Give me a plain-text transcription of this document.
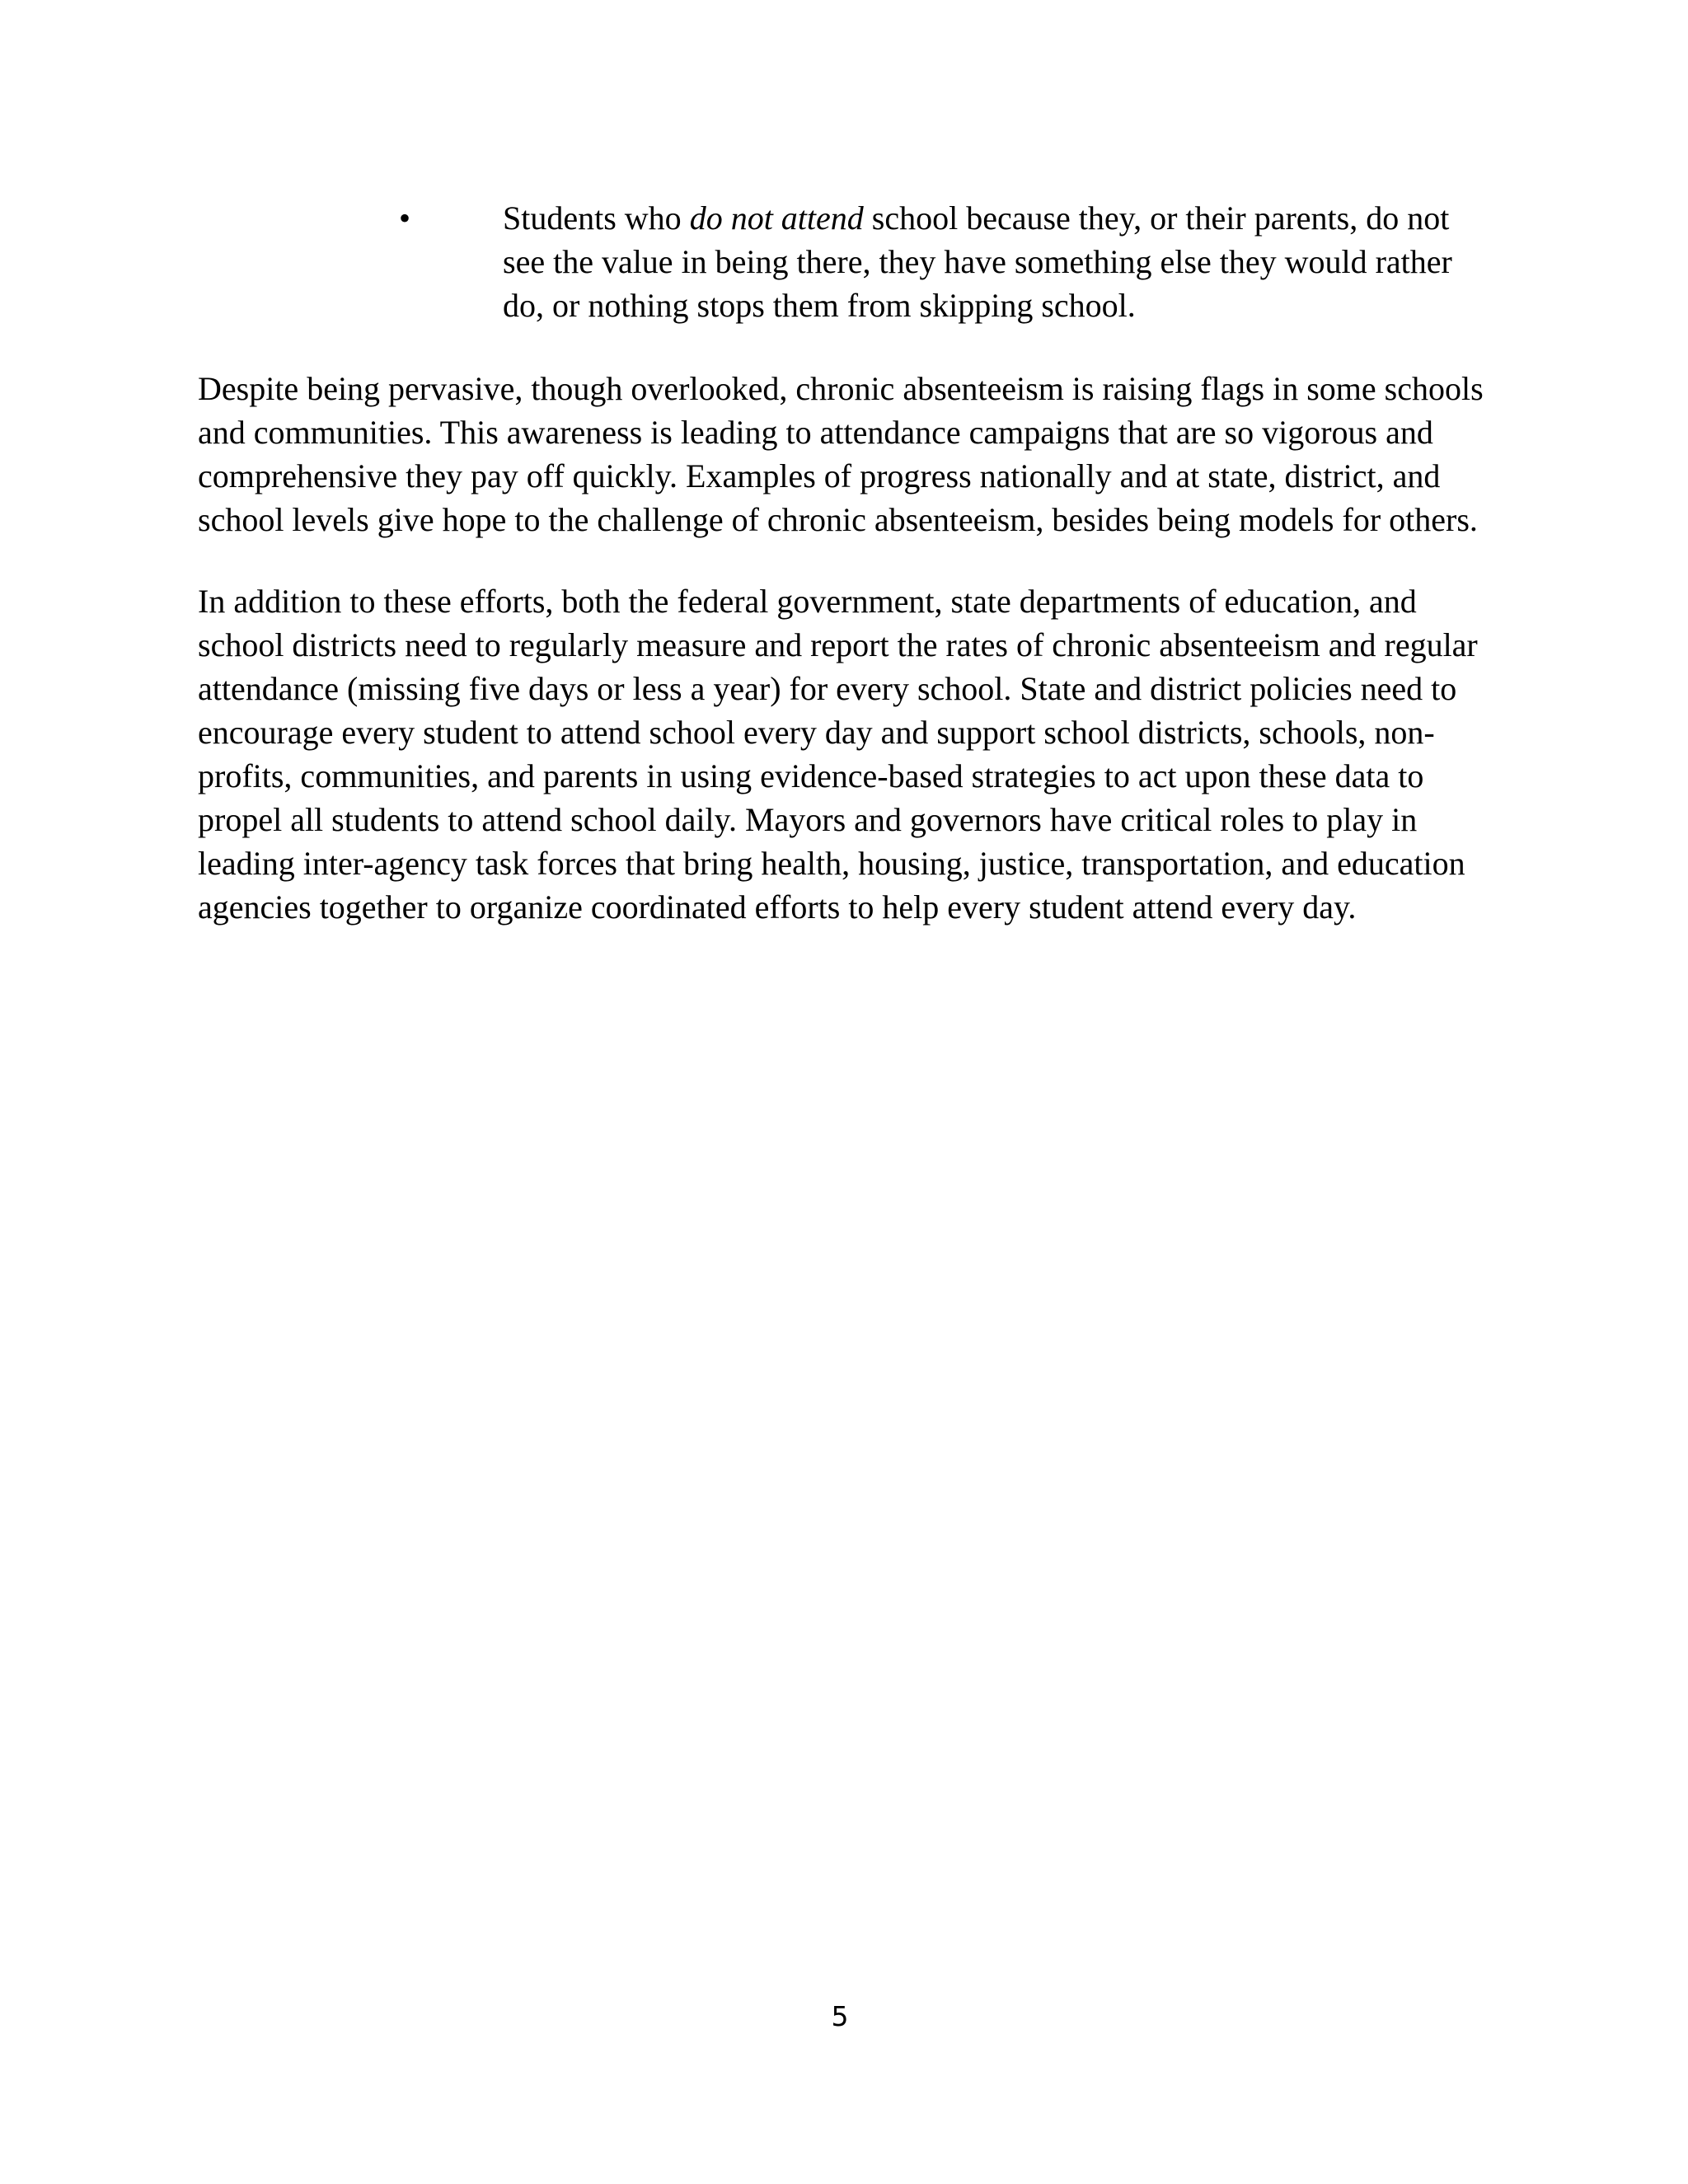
•	Students who do not attend school because they, or their parents, do not see the value in being there, they have something else they would rather do, or nothing stops them from skipping school.

Despite being pervasive, though overlooked, chronic absenteeism is raising flags in some schools and communities. This awareness is leading to attendance campaigns that are so vigorous and comprehensive they pay off quickly. Examples of progress nationally and at state, district, and school levels give hope to the challenge of chronic absenteeism, besides being models for others.

In addition to these efforts, both the federal government, state departments of education, and school districts need to regularly measure and report the rates of chronic absenteeism and regular attendance (missing five days or less a year) for every school. State and district policies need to encourage every student to attend school every day and support school districts, schools, non-profits, communities, and parents in using evidence-based strategies to act upon these data to propel all students to attend school daily. Mayors and governors have critical roles to play in leading inter-agency task forces that bring health, housing, justice, transportation, and education agencies together to organize coordinated efforts to help every student attend every day.

5
